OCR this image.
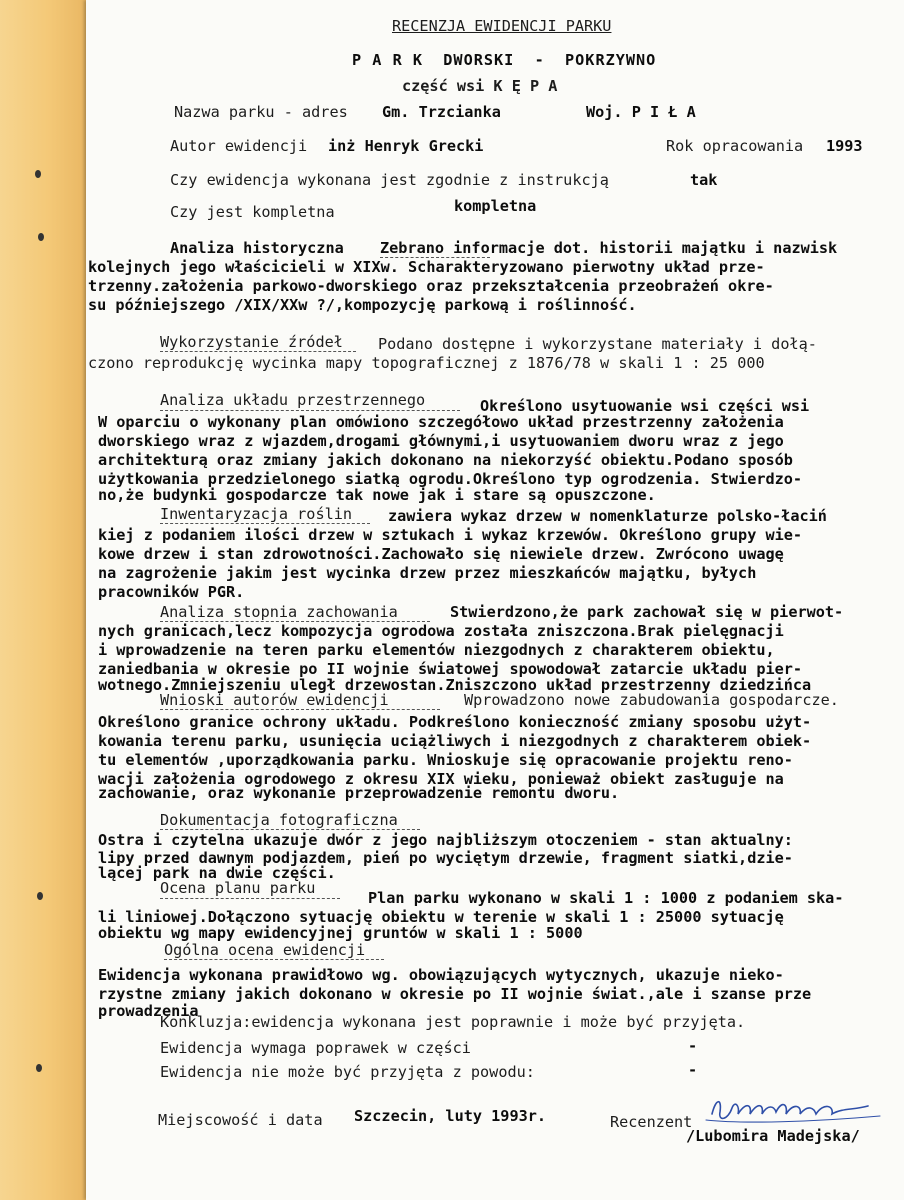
RECENZJA EWIDENCJI PARKU
P A R K  DWORSKI  -  POKRZYWNO
część wsi K Ę P A
Nazwa parku - adres Gm. Trzcianka	Woj. P I Ł A
Autor ewidencji inż Henryk Grecki	Rok opracowania 1993
Czy ewidencja wykonana jest zgodnie z instrukcją	tak
Czy jest kompletna	kompletna
Analiza historyczna Zebrano informacje dot. historii majątku i nazwisk
kolejnych jego właścicieli w XIXw. Scharakteryzowano pierwotny układ prze-
trzenny.założenia parkowo-dworskiego oraz przekształcenia przeobrażeń okre-
su późniejszego /XIX/XXw ?/,kompozycję parkową i roślinność.
Wykorzystanie źródeł Podano dostępne i wykorzystane materiały i dołą-
czono reprodukcję wycinka mapy topograficznej z 1876/78 w skali 1 : 25 000
Analiza układu przestrzennego	Określono usytuowanie wsi części wsi
W oparciu o wykonany plan omówiono szczegółowo układ przestrzenny założenia
dworskiego wraz z wjazdem,drogami głównymi,i usytuowaniem dworu wraz z jego
architekturą oraz zmiany jakich dokonano na niekorzyść obiektu.Podano sposób
użytkowania przedzielonego siatką ogrodu.Określono typ ogrodzenia. Stwierdzo-
no,że budynki gospodarcze tak nowe jak i stare są opuszczone.
Inwentaryzacja roślin zawiera wykaz drzew w nomenklaturze polsko-łaciń
kiej z podaniem ilości drzew w sztukach i wykaz krzewów. Określono grupy wie-
kowe drzew i stan zdrowotności.Zachowało się niewiele drzew. Zwrócono uwagę
na zagrożenie jakim jest wycinka drzew przez mieszkańców majątku, byłych
pracowników PGR.
Analiza stopnia zachowania	Stwierdzono,że park zachował się w pierwot-
nych granicach,lecz kompozycja ogrodowa została zniszczona.Brak pielęgnacji
i wprowadzenie na teren parku elementów niezgodnych z charakterem obiektu,
zaniedbania w okresie po II wojnie światowej spowodował zatarcie układu pier-
wotnego.Zmniejszeniu uległ drzewostan.Zniszczono układ przestrzenny dziedzińca
Wnioski autorów ewidencji	Wprowadzono nowe zabudowania gospodarcze.
Określono granice ochrony układu. Podkreślono konieczność zmiany sposobu użyt-
kowania terenu parku, usunięcia uciążliwych i niezgodnych z charakterem obiek-
tu elementów ,uporządkowania parku. Wnioskuje się opracowanie projektu reno-
wacji założenia ogrodowego z okresu XIX wieku, ponieważ obiekt zasługuje na
zachowanie, oraz wykonanie przeprowadzenie remontu dworu.
Dokumentacja fotograficzna
Ostra i czytelna ukazuje dwór z jego najbliższym otoczeniem - stan aktualny:
lipy przed dawnym podjazdem, pień po wyciętym drzewie, fragment siatki,dzie-
lącej park na dwie części.
Ocena planu parku
Plan parku wykonano w skali 1 : 1000 z podaniem ska-
li liniowej.Dołączono sytuację obiektu w terenie w skali 1 : 25000 sytuację
obiektu wg mapy ewidencyjnej gruntów w skali 1 : 5000
Ogólna ocena ewidencji
Ewidencja wykonana prawidłowo wg. obowiązujących wytycznych, ukazuje nieko-
rzystne zmiany jakich dokonano w okresie po II wojnie świat.,ale i szanse prze
prowadzenia
Konkluzja:ewidencja wykonana jest poprawnie i może być przyjęta.
Ewidencja wymaga poprawek w części	-
Ewidencja nie może być przyjęta z powodu:	-
Miejscowość i data Szczecin, luty 1993r.	Recenzent
/Lubomira Madejska/
